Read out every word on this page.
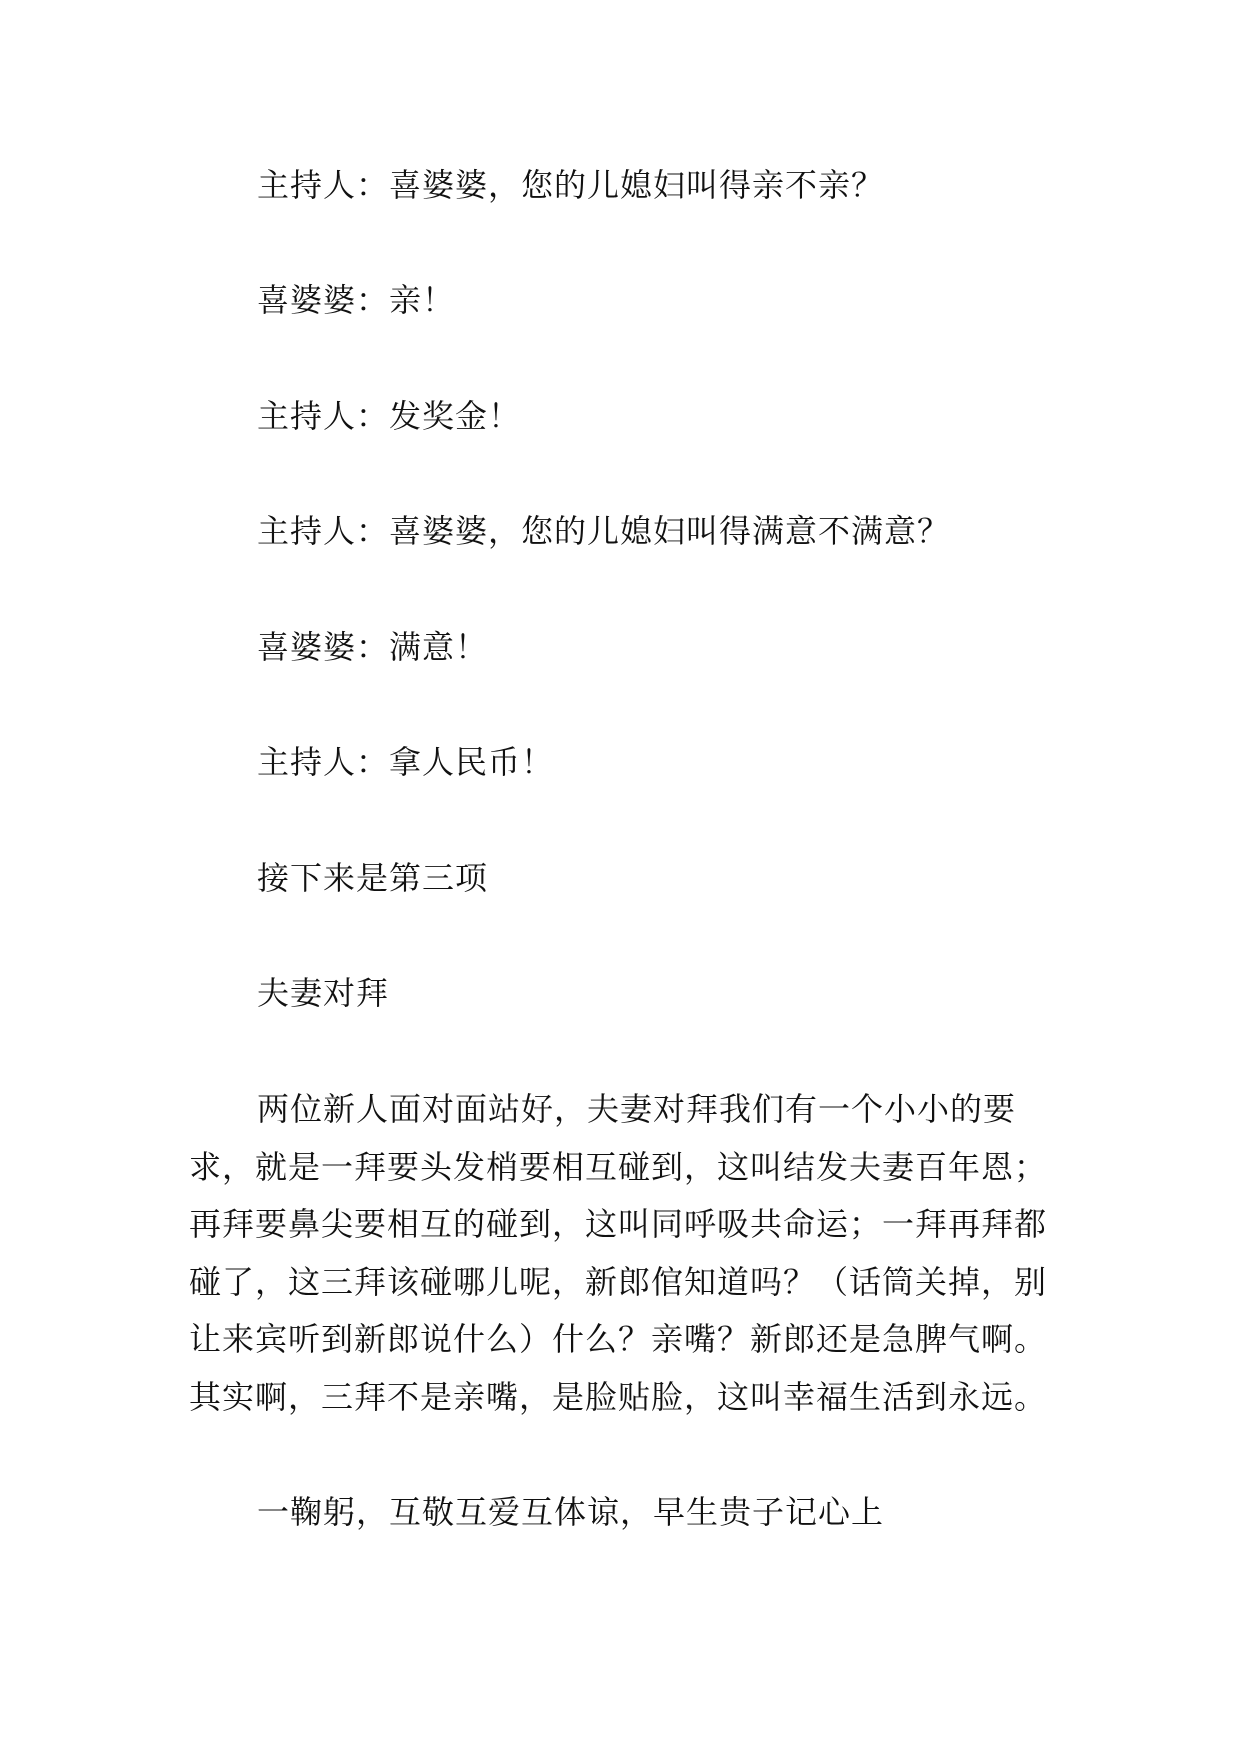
主持人：喜婆婆，您的儿媳妇叫得亲不亲？
喜婆婆：亲！
主持人：发奖金！
主持人：喜婆婆，您的儿媳妇叫得满意不满意？
喜婆婆：满意！
主持人：拿人民币！
接下来是第三项
夫妻对拜
两位新人面对面站好，夫妻对拜我们有一个小小的要求，就是一拜要头发梢要相互碰到，这叫结发夫妻百年恩；再拜要鼻尖要相互的碰到，这叫同呼吸共命运；一拜再拜都碰了，这三拜该碰哪儿呢，新郎倌知道吗？（话筒关掉，别让来宾听到新郎说什么）什么？亲嘴？新郎还是急脾气啊。其实啊，三拜不是亲嘴，是脸贴脸，这叫幸福生活到永远。
一鞠躬，互敬互爱互体谅，早生贵子记心上
